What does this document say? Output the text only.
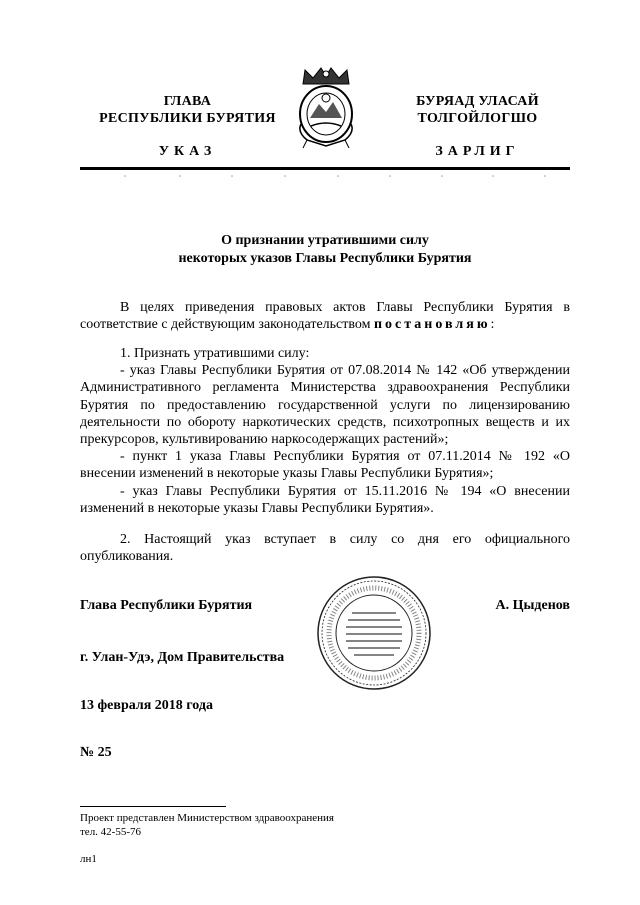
ГЛАВА
РЕСПУБЛИКИ БУРЯТИЯ
БУРЯАД УЛАСАЙ
ТОЛГОЙЛОГШО
УКАЗ	ЗАРЛИГ
О признании утратившими силу
некоторых указов Главы Республики Бурятия
В целях приведения правовых актов Главы Республики Бурятия в соответствие с действующим законодательством постановляю:
1. Признать утратившими силу:
- указ Главы Республики Бурятия от 07.08.2014 № 142 «Об утверждении Административного регламента Министерства здравоохранения Республики Бурятия по предоставлению государственной услуги по лицензированию деятельности по обороту наркотических средств, психотропных веществ и их прекурсоров, культивированию наркосодержащих растений»;
- пункт 1 указа Главы Республики Бурятия от 07.11.2014 № 192 «О внесении изменений в некоторые указы Главы Республики Бурятия»;
- указ Главы Республики Бурятия от 15.11.2016 № 194 «О внесении изменений в некоторые указы Главы Республики Бурятия».
2. Настоящий указ вступает в силу со дня его официального опубликования.
Глава Республики Бурятия	А. Цыденов
г. Улан-Удэ, Дом Правительства
13 февраля 2018 года
№ 25
Проект представлен Министерством здравоохранения
тел. 42-55-76
лн1
